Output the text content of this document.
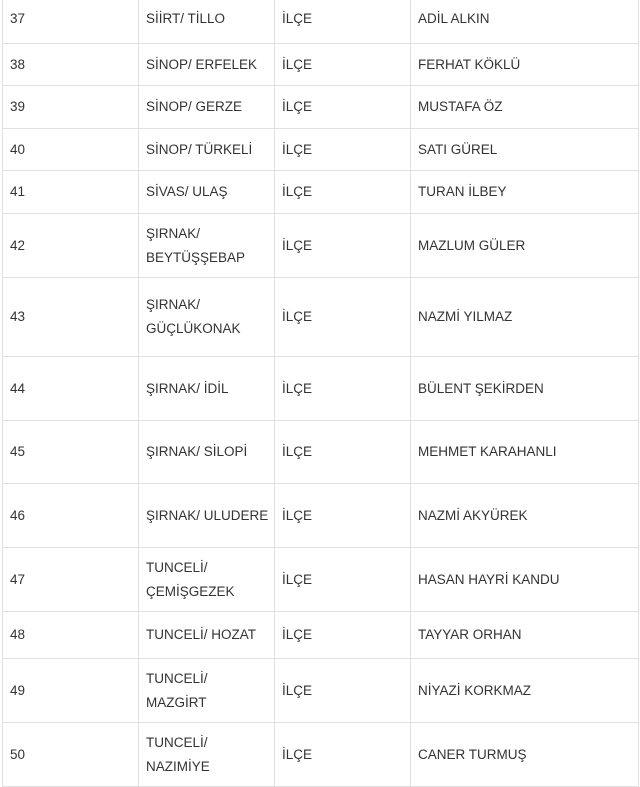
37	SİİRT/ TİLLO	İLÇE	ADİL ALKIN
38	SİNOP/ ERFELEK	İLÇE	FERHAT KÖKLÜ
39	SİNOP/ GERZE	İLÇE	MUSTAFA ÖZ
40	SİNOP/ TÜRKELİ	İLÇE	SATI GÜREL
41	SİVAS/ ULAŞ	İLÇE	TURAN İLBEY
42	ŞIRNAK/ BEYTÜŞŞEBAP	İLÇE	MAZLUM GÜLER
43	ŞIRNAK/ GÜÇLÜKONAK	İLÇE	NAZMİ YILMAZ
44	ŞIRNAK/ İDİL	İLÇE	BÜLENT ŞEKİRDEN
45	ŞIRNAK/ SİLOPİ	İLÇE	MEHMET KARAHANLI
46	ŞIRNAK/ ULUDERE	İLÇE	NAZMİ AKYÜREK
47	TUNCELİ/ ÇEMİŞGEZEK	İLÇE	HASAN HAYRİ KANDU
48	TUNCELİ/ HOZAT	İLÇE	TAYYAR ORHAN
49	TUNCELİ/ MAZGİRT	İLÇE	NİYAZİ KORKMAZ
50	TUNCELİ/ NAZIMİYE	İLÇE	CANER TURMUŞ
